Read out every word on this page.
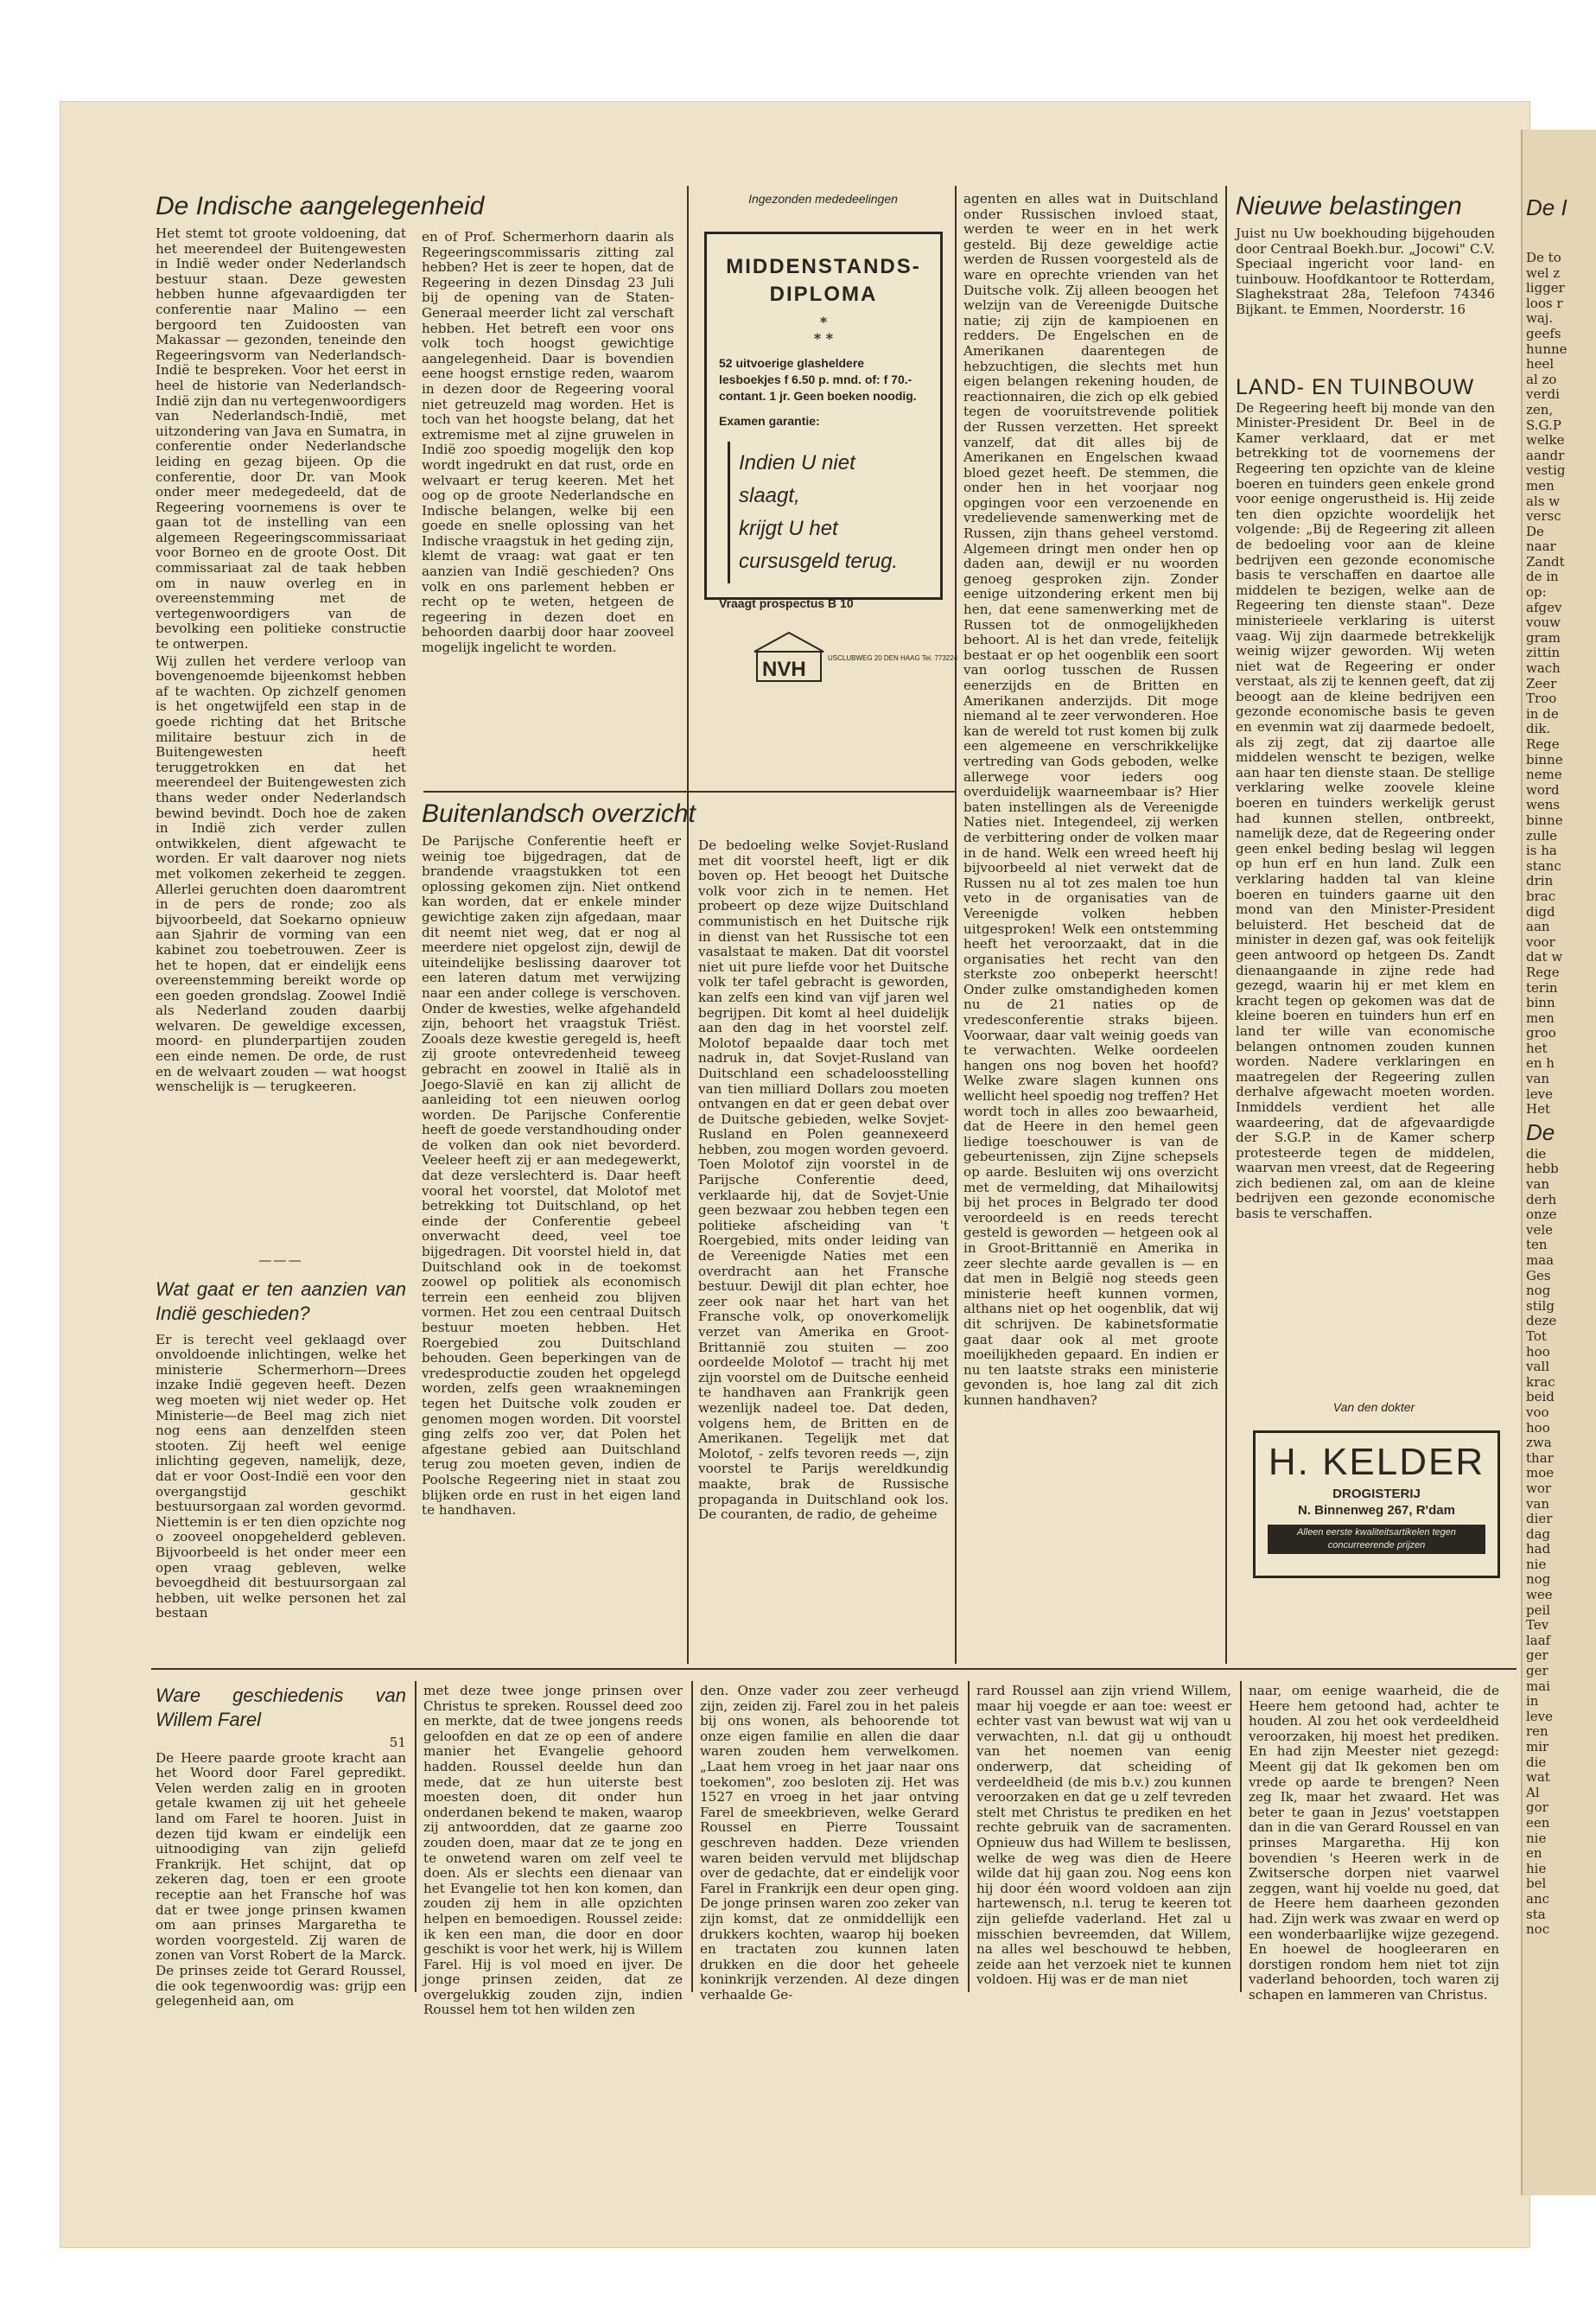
De Indische aangelegenheid

Het stemt tot groote voldoening, dat het meerendeel der Buitengewesten in Indië weder onder Nederlandsch bestuur staan. Deze gewesten hebben hunne afgevaardigden ter conferentie naar Malino — een bergoord ten Zuidoosten van Makassar — gezonden, teneinde den Regeeringsvorm van Nederlandsch-Indië te bespreken. Voor het eerst in heel de historie van Nederlandsch-Indië zijn dan nu vertegenwoordigers van Nederlandsch-Indië, met uitzondering van Java en Sumatra, in conferentie onder Nederlandsche leiding en gezag bijeen. Op die conferentie, door Dr. van Mook onder meer medegedeeld, dat de Regeering voornemens is over te gaan tot de instelling van een algemeen Regeeringscommissariaat voor Borneo en de groote Oost. Dit commissariaat zal de taak hebben om in nauw overleg en in overeenstemming met de vertegenwoordigers van de bevolking een politieke constructie te ontwerpen.

Wij zullen het verdere verloop van bovengenoemde bijeenkomst hebben af te wachten. Op zichzelf genomen is het ongetwijfeld een stap in de goede richting dat het Britsche militaire bestuur zich in de Buitengewesten heeft teruggetrokken en dat het meerendeel der Buitengewesten zich thans weder onder Nederlandsch bewind bevindt. Doch hoe de zaken in Indië zich verder zullen ontwikkelen, dient afgewacht te worden. Er valt daarover nog niets met volkomen zekerheid te zeggen. Allerlei geruchten doen daaromtrent in de pers de ronde; zoo als bijvoorbeeld, dat Soekarno opnieuw aan Sjahrir de vorming van een kabinet zou toebetrouwen. Zeer is het te hopen, dat er eindelijk eens overeenstemming bereikt worde op een goeden grondslag. Zoowel Indië als Nederland zouden daarbij welvaren. De geweldige excessen, moord- en plunderpartijen zouden een einde nemen. De orde, de rust en de welvaart zouden — wat hoogst wenschelijk is — terugkeeren.

en of Prof. Schermerhorn daarin als Regeeringscommissaris zitting zal hebben? Het is zeer te hopen, dat de Regeering in dezen Dinsdag 23 Juli bij de opening van de Staten-Generaal meerder licht zal verschaft hebben. Het betreft een voor ons volk toch hoogst gewichtige aangelegenheid. Daar is bovendien eene hoogst ernstige reden, waarom in dezen door de Regeering vooral niet getreuzeld mag worden. Het is toch van het hoogste belang, dat het extremisme met al zijne gruwelen in Indië zoo spoedig mogelijk den kop wordt ingedrukt en dat rust, orde en welvaart er terug keeren. Met het oog op de groote Nederlandsche en Indische belangen, welke bij een goede en snelle oplossing van het Indische vraagstuk in het geding zijn, klemt de vraag: wat gaat er ten aanzien van Indië geschieden? Ons volk en ons parlement hebben er recht op te weten, hetgeen de regeering in dezen doet en behoorden daarbij door haar zooveel mogelijk ingelicht te worden.

———
Wat gaat er ten aanzien van Indië geschieden?

Er is terecht veel geklaagd over onvoldoende inlichtingen, welke het ministerie Schermerhorn—Drees inzake Indië gegeven heeft. Dezen weg moeten wij niet weder op. Het Ministerie—de Beel mag zich niet nog eens aan denzelfden steen stooten. Zij heeft wel eenige inlichting gegeven, namelijk, deze, dat er voor Oost-Indië een voor den overgangstijd geschikt bestuursorgaan zal worden gevormd. Niettemin is er ten dien opzichte nog o zooveel onopgehelderd gebleven. Bijvoorbeeld is het onder meer een open vraag gebleven, welke bevoegdheid dit bestuursorgaan zal hebben, uit welke personen het zal bestaan

Ingezonden mededeelingen
MIDDENSTANDS-DIPLOMA
*
* *
52 uitvoerige glasheldere lesboekjes f 6.50 p. mnd. of: f 70.- contant. 1 jr. Geen boeken noodig.
Examen garantie:
Indien U niet slaagt,
krijgt U het
cursusgeld terug.
Vraagt prospectus B 10
NVH	USCLUBWEG 20 DEN HAAG Tel. 773224
Buitenlandsch overzicht

De Parijsche Conferentie heeft er weinig toe bijgedragen, dat de brandende vraagstukken tot een oplossing gekomen zijn. Niet ontkend kan worden, dat er enkele minder gewichtige zaken zijn afgedaan, maar dit neemt niet weg, dat er nog al meerdere niet opgelost zijn, dewijl de uiteindelijke beslissing daarover tot een lateren datum met verwijzing naar een ander college is verschoven. Onder de kwesties, welke afgehandeld zijn, behoort het vraagstuk Triëst. Zooals deze kwestie geregeld is, heeft zij groote ontevredenheid teweeg gebracht en zoowel in Italië als in Joego-Slavië en kan zij allicht de aanleiding tot een nieuwen oorlog worden. De Parijsche Conferentie heeft de goede verstandhouding onder de volken dan ook niet bevorderd. Veeleer heeft zij er aan medegewerkt, dat deze verslechterd is. Daar heeft vooral het voorstel, dat Molotof met betrekking tot Duitschland, op het einde der Conferentie gebeel onverwacht deed, veel toe bijgedragen. Dit voorstel hield in, dat Duitschland ook in de toekomst zoowel op politiek als economisch terrein een eenheid zou blijven vormen. Het zou een centraal Duitsch bestuur moeten hebben. Het Roergebied zou Duitschland behouden. Geen beperkingen van de vredesproductie zouden het opgelegd worden, zelfs geen wraaknemingen tegen het Duitsche volk zouden er genomen mogen worden. Dit voorstel ging zelfs zoo ver, dat Polen het afgestane gebied aan Duitschland terug zou moeten geven, indien de Poolsche Regeering niet in staat zou blijken orde en rust in het eigen land te handhaven.

De bedoeling welke Sovjet-Rusland met dit voorstel heeft, ligt er dik boven op. Het beoogt het Duitsche volk voor zich in te nemen. Het probeert op deze wijze Duitschland communistisch en het Duitsche rijk in dienst van het Russische tot een vasalstaat te maken. Dat dit voorstel niet uit pure liefde voor het Duitsche volk ter tafel gebracht is geworden, kan zelfs een kind van vijf jaren wel begrijpen. Dit komt al heel duidelijk aan den dag in het voorstel zelf. Molotof bepaalde daar toch met nadruk in, dat Sovjet-Rusland van Duitschland een schadeloosstelling van tien milliard Dollars zou moeten ontvangen en dat er geen debat over de Duitsche gebieden, welke Sovjet-Rusland en Polen geannexeerd hebben, zou mogen worden gevoerd. Toen Molotof zijn voorstel in de Parijsche Conferentie deed, verklaarde hij, dat de Sovjet-Unie geen bezwaar zou hebben tegen een politieke afscheiding van 't Roergebied, mits onder leiding van de Vereenigde Naties met een overdracht aan het Fransche bestuur. Dewijl dit plan echter, hoe zeer ook naar het hart van het Fransche volk, op onoverkomelijk verzet van Amerika en Groot-Brittannië zou stuiten — zoo oordeelde Molotof — tracht hij met zijn voorstel om de Duitsche eenheid te handhaven aan Frankrijk geen wezenlijk nadeel toe. Dat deden, volgens hem, de Britten en de Amerikanen. Tegelijk met dat Molotof, - zelfs tevoren reeds —, zijn voorstel te Parijs wereldkundig maakte, brak de Russische propaganda in Duitschland ook los. De couranten, de radio, de geheime

agenten en alles wat in Duitschland onder Russischen invloed staat, werden te weer en in het werk gesteld. Bij deze geweldige actie werden de Russen voorgesteld als de ware en oprechte vrienden van het Duitsche volk. Zij alleen beoogen het welzijn van de Vereenigde Duitsche natie; zij zijn de kampioenen en redders. De Engelschen en de Amerikanen daarentegen de hebzuchtigen, die slechts met hun eigen belangen rekening houden, de reactionnairen, die zich op elk gebied tegen de vooruitstrevende politiek der Russen verzetten. Het spreekt vanzelf, dat dit alles bij de Amerikanen en Engelschen kwaad bloed gezet heeft. De stemmen, die onder hen in het voorjaar nog opgingen voor een verzoenende en vredelievende samenwerking met de Russen, zijn thans geheel verstomd. Algemeen dringt men onder hen op daden aan, dewijl er nu woorden genoeg gesproken zijn. Zonder eenige uitzondering erkent men bij hen, dat eene samenwerking met de Russen tot de onmogelijkheden behoort. Al is het dan vrede, feitelijk bestaat er op het oogenblik een soort van oorlog tusschen de Russen eenerzijds en de Britten en Amerikanen anderzijds. Dit moge niemand al te zeer verwonderen. Hoe kan de wereld tot rust komen bij zulk een algemeene en verschrikkelijke vertreding van Gods geboden, welke allerwege voor ieders oog overduidelijk waarneembaar is? Hier baten instellingen als de Vereenigde Naties niet. Integendeel, zij werken de verbittering onder de volken maar in de hand. Welk een wreed heeft hij bijvoorbeeld al niet verwekt dat de Russen nu al tot zes malen toe hun veto in de organisaties van de Vereenigde volken hebben uitgesproken! Welk een ontstemming heeft het veroorzaakt, dat in die organisaties het recht van den sterkste zoo onbeperkt heerscht! Onder zulke omstandigheden komen nu de 21 naties op de vredesconferentie straks bijeen. Voorwaar, daar valt weinig goeds van te verwachten. Welke oordeelen hangen ons nog boven het hoofd? Welke zware slagen kunnen ons wellicht heel spoedig nog treffen? Het wordt toch in alles zoo bewaarheid, dat de Heere in den hemel geen liedige toeschouwer is van de gebeurtenissen, zijn Zijne schepsels op aarde. Besluiten wij ons overzicht met de vermelding, dat Mihailowitsj bij het proces in Belgrado ter dood veroordeeld is en reeds terecht gesteld is geworden — hetgeen ook al in Groot-Brittannië en Amerika in zeer slechte aarde gevallen is — en dat men in België nog steeds geen ministerie heeft kunnen vormen, althans niet op het oogenblik, dat wij dit schrijven. De kabinetsformatie gaat daar ook al met groote moeilijkheden gepaard. En indien er nu ten laatste straks een ministerie gevonden is, hoe lang zal dit zich kunnen handhaven?

Nieuwe belastingen

Juist nu Uw boekhouding bijgehouden door Centraal Boekh.bur. „Jocowi" C.V. Speciaal ingericht voor land- en tuinbouw. Hoofdkantoor te Rotterdam, Slaghekstraat 28a, Telefoon 74346 Bijkant. te Emmen, Noorderstr. 16

LAND- EN TUINBOUW

De Regeering heeft bij monde van den Minister-President Dr. Beel in de Kamer verklaard, dat er met betrekking tot de voornemens der Regeering ten opzichte van de kleine boeren en tuinders geen enkele grond voor eenige ongerustheid is. Hij zeide ten dien opzichte woordelijk het volgende: „Bij de Regeering zit alleen de bedoeling voor aan de kleine bedrijven een gezonde economische basis te verschaffen en daartoe alle middelen te bezigen, welke aan de Regeering ten dienste staan". Deze ministerieele verklaring is uiterst vaag. Wij zijn daarmede betrekkelijk weinig wijzer geworden. Wij weten niet wat de Regeering er onder verstaat, als zij te kennen geeft, dat zij beoogt aan de kleine bedrijven een gezonde economische basis te geven en evenmin wat zij daarmede bedoelt, als zij zegt, dat zij daartoe alle middelen wenscht te bezigen, welke aan haar ten dienste staan. De stellige verklaring welke zoovele kleine boeren en tuinders werkelijk gerust had kunnen stellen, ontbreekt, namelijk deze, dat de Regeering onder geen enkel beding beslag wil leggen op hun erf en hun land. Zulk een verklaring hadden tal van kleine boeren en tuinders gaarne uit den mond van den Minister-President beluisterd. Het bescheid dat de minister in dezen gaf, was ook feitelijk geen antwoord op hetgeen Ds. Zandt dienaangaande in zijne rede had gezegd, waarin hij er met klem en kracht tegen op gekomen was dat de kleine boeren en tuinders hun erf en land ter wille van economische belangen ontnomen zouden kunnen worden. Nadere verklaringen en maatregelen der Regeering zullen derhalve afgewacht moeten worden. Inmiddels verdient het alle waardeering, dat de afgevaardigde der S.G.P. in de Kamer scherp protesteerde tegen de middelen, waarvan men vreest, dat de Regeering zich bedienen zal, om aan de kleine bedrijven een gezonde economische basis te verschaffen.

Van den dokter
H. KELDER
DROGISTERIJ
N. Binnenweg 267, R'dam
Alleen eerste kwaliteitsartikelen tegen concurreerende prijzen
Ware geschiedenis van Willem Farel
51

De Heere paarde groote kracht aan het Woord door Farel gepredikt. Velen werden zalig en in grooten getale kwamen zij uit het geheele land om Farel te hooren. Juist in dezen tijd kwam er eindelijk een uitnoodiging van zijn geliefd Frankrijk. Het schijnt, dat op zekeren dag, toen er een groote receptie aan het Fransche hof was dat er twee jonge prinsen kwamen om aan prinses Margaretha te worden voorgesteld. Zij waren de zonen van Vorst Robert de la Marck. De prinses zeide tot Gerard Roussel, die ook tegenwoordig was: grijp een gelegenheid aan, om

met deze twee jonge prinsen over Christus te spreken. Roussel deed zoo en merkte, dat de twee jongens reeds geloofden en dat ze op een of andere manier het Evangelie gehoord hadden. Roussel deelde hun dan mede, dat ze hun uiterste best moesten doen, dit onder hun onderdanen bekend te maken, waarop zij antwoordden, dat ze gaarne zoo zouden doen, maar dat ze te jong en te onwetend waren om zelf veel te doen. Als er slechts een dienaar van het Evangelie tot hen kon komen, dan zouden zij hem in alle opzichten helpen en bemoedigen. Roussel zeide: ik ken een man, die door en door geschikt is voor het werk, hij is Willem Farel. Hij is vol moed en ijver. De jonge prinsen zeiden, dat ze overgelukkig zouden zijn, indien Roussel hem tot hen wilden zen

den. Onze vader zou zeer verheugd zijn, zeiden zij. Farel zou in het paleis bij ons wonen, als behoorende tot onze eigen familie en allen die daar waren zouden hem verwelkomen. „Laat hem vroeg in het jaar naar ons toekomen", zoo besloten zij. Het was 1527 en vroeg in het jaar ontving Farel de smeekbrieven, welke Gerard Roussel en Pierre Toussaint geschreven hadden. Deze vrienden waren beiden vervuld met blijdschap over de gedachte, dat er eindelijk voor Farel in Frankrijk een deur open ging. De jonge prinsen waren zoo zeker van zijn komst, dat ze onmiddellijk een drukkers kochten, waarop hij boeken en tractaten zou kunnen laten drukken en die door het geheele koninkrijk verzenden. Al deze dingen verhaalde Ge-

rard Roussel aan zijn vriend Willem, maar hij voegde er aan toe: weest er echter vast van bewust wat wij van u verwachten, n.l. dat gij u onthoudt van het noemen van eenig onderwerp, dat scheiding of verdeeldheid (de mis b.v.) zou kunnen veroorzaken en dat ge u zelf tevreden stelt met Christus te prediken en het rechte gebruik van de sacramenten. Opnieuw dus had Willem te beslissen, welke de weg was dien de Heere wilde dat hij gaan zou. Nog eens kon hij door één woord voldoen aan zijn hartewensch, n.l. terug te keeren tot zijn geliefde vaderland. Het zal u misschien bevreemden, dat Willem, na alles wel beschouwd te hebben, zeide aan het verzoek niet te kunnen voldoen. Hij was er de man niet

naar, om eenige waarheid, die de Heere hem getoond had, achter te houden. Al zou het ook verdeeldheid veroorzaken, hij moest het prediken. En had zijn Meester niet gezegd: Meent gij dat Ik gekomen ben om vrede op aarde te brengen? Neen zeg Ik, maar het zwaard. Het was beter te gaan in Jezus' voetstappen dan in die van Gerard Roussel en van prinses Margaretha. Hij kon bovendien 's Heeren werk in de Zwitsersche dorpen niet vaarwel zeggen, want hij voelde nu goed, dat de Heere hem daarheen gezonden had. Zijn werk was zwaar en werd op een wonderbaarlijke wijze gezegend. En hoewel de hoogleeraren en dorstigen rondom hem niet tot zijn vaderland behoorden, toch waren zij schapen en lammeren van Christus.

De I
De to
wel z
ligger
loos r
waj.
geefs
hunne
heel
al zo
verdi
zen,
S.G.P
welke
aandr
vestig
men
als w
versc
De
naar
Zandt
de in
op:
afgev
vouw
gram
zittin
wach
Zeer
Troo
in de
dik.
Rege
binne
neme
word
wens
binne
zulle
is ha
stanc
drin
brac
digd
aan
voor
dat w
Rege
terin
binn
men
groo
het
en h
van
leve
Het
De
die
hebb
van
derh
onze
vele
ten
maa
Ges
nog
stilg
deze
Tot
hoo
vall
krac
beid
voo
hoo
zwa
thar
moe
wor
van
dier
dag
had
nie
nog
wee
peil
Tev
laaf
ger
ger
mai
in
leve
ren
mir
die
wat
Al
gor
een
nie
en
hie
bel
anc
sta
noc
